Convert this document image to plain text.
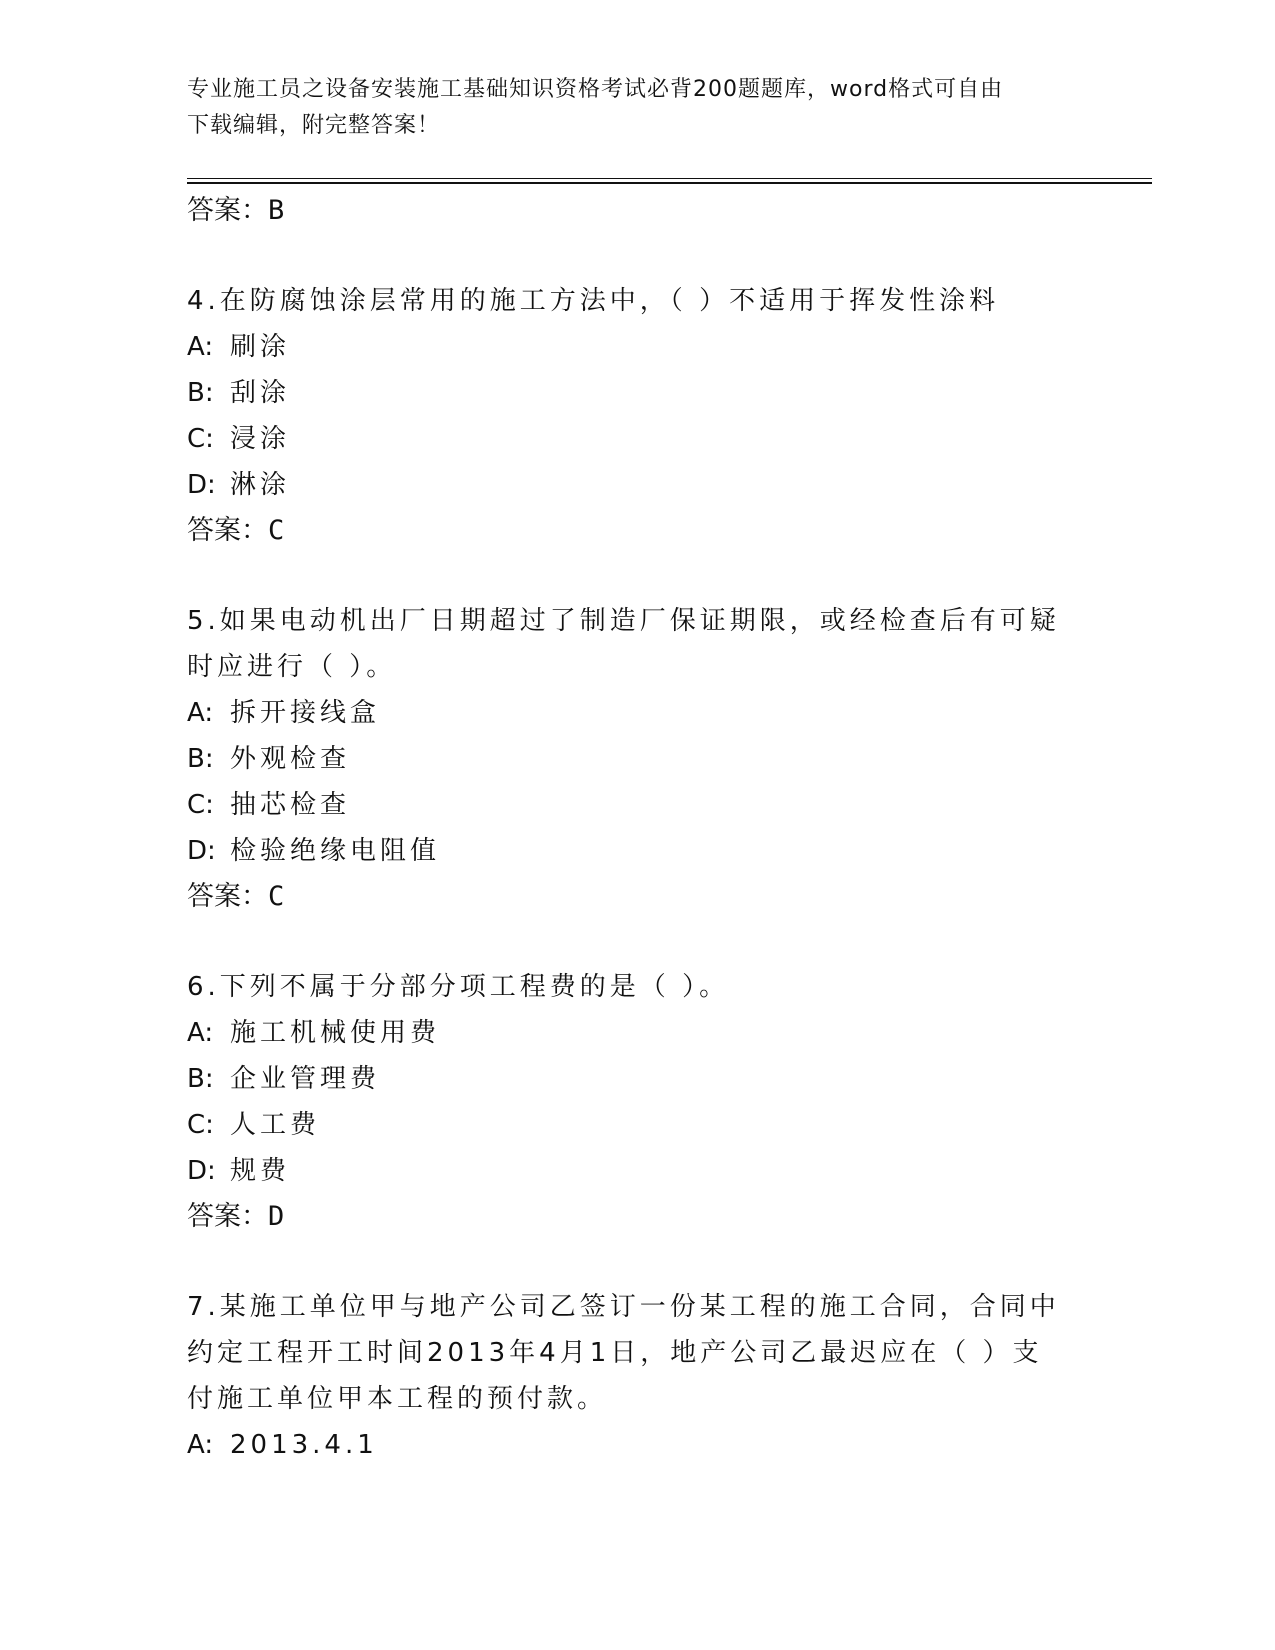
专业施工员之设备安装施工基础知识资格考试必背200题题库，word格式可自由
下载编辑，附完整答案！
答案：B
4.在防腐蚀涂层常用的施工方法中，（ ）不适用于挥发性涂料
A: 刷涂
B: 刮涂
C: 浸涂
D: 淋涂
答案：C
5.如果电动机出厂日期超过了制造厂保证期限，或经检查后有可疑时应进行（ ）。
A: 拆开接线盒
B: 外观检查
C: 抽芯检查
D: 检验绝缘电阻值
答案：C
6.下列不属于分部分项工程费的是（ ）。
A: 施工机械使用费
B: 企业管理费
C: 人工费
D: 规费
答案：D
7.某施工单位甲与地产公司乙签订一份某工程的施工合同，合同中约定工程开工时间2013年4月1日，地产公司乙最迟应在（ ）支付施工单位甲本工程的预付款。
A: 2013.4.1
